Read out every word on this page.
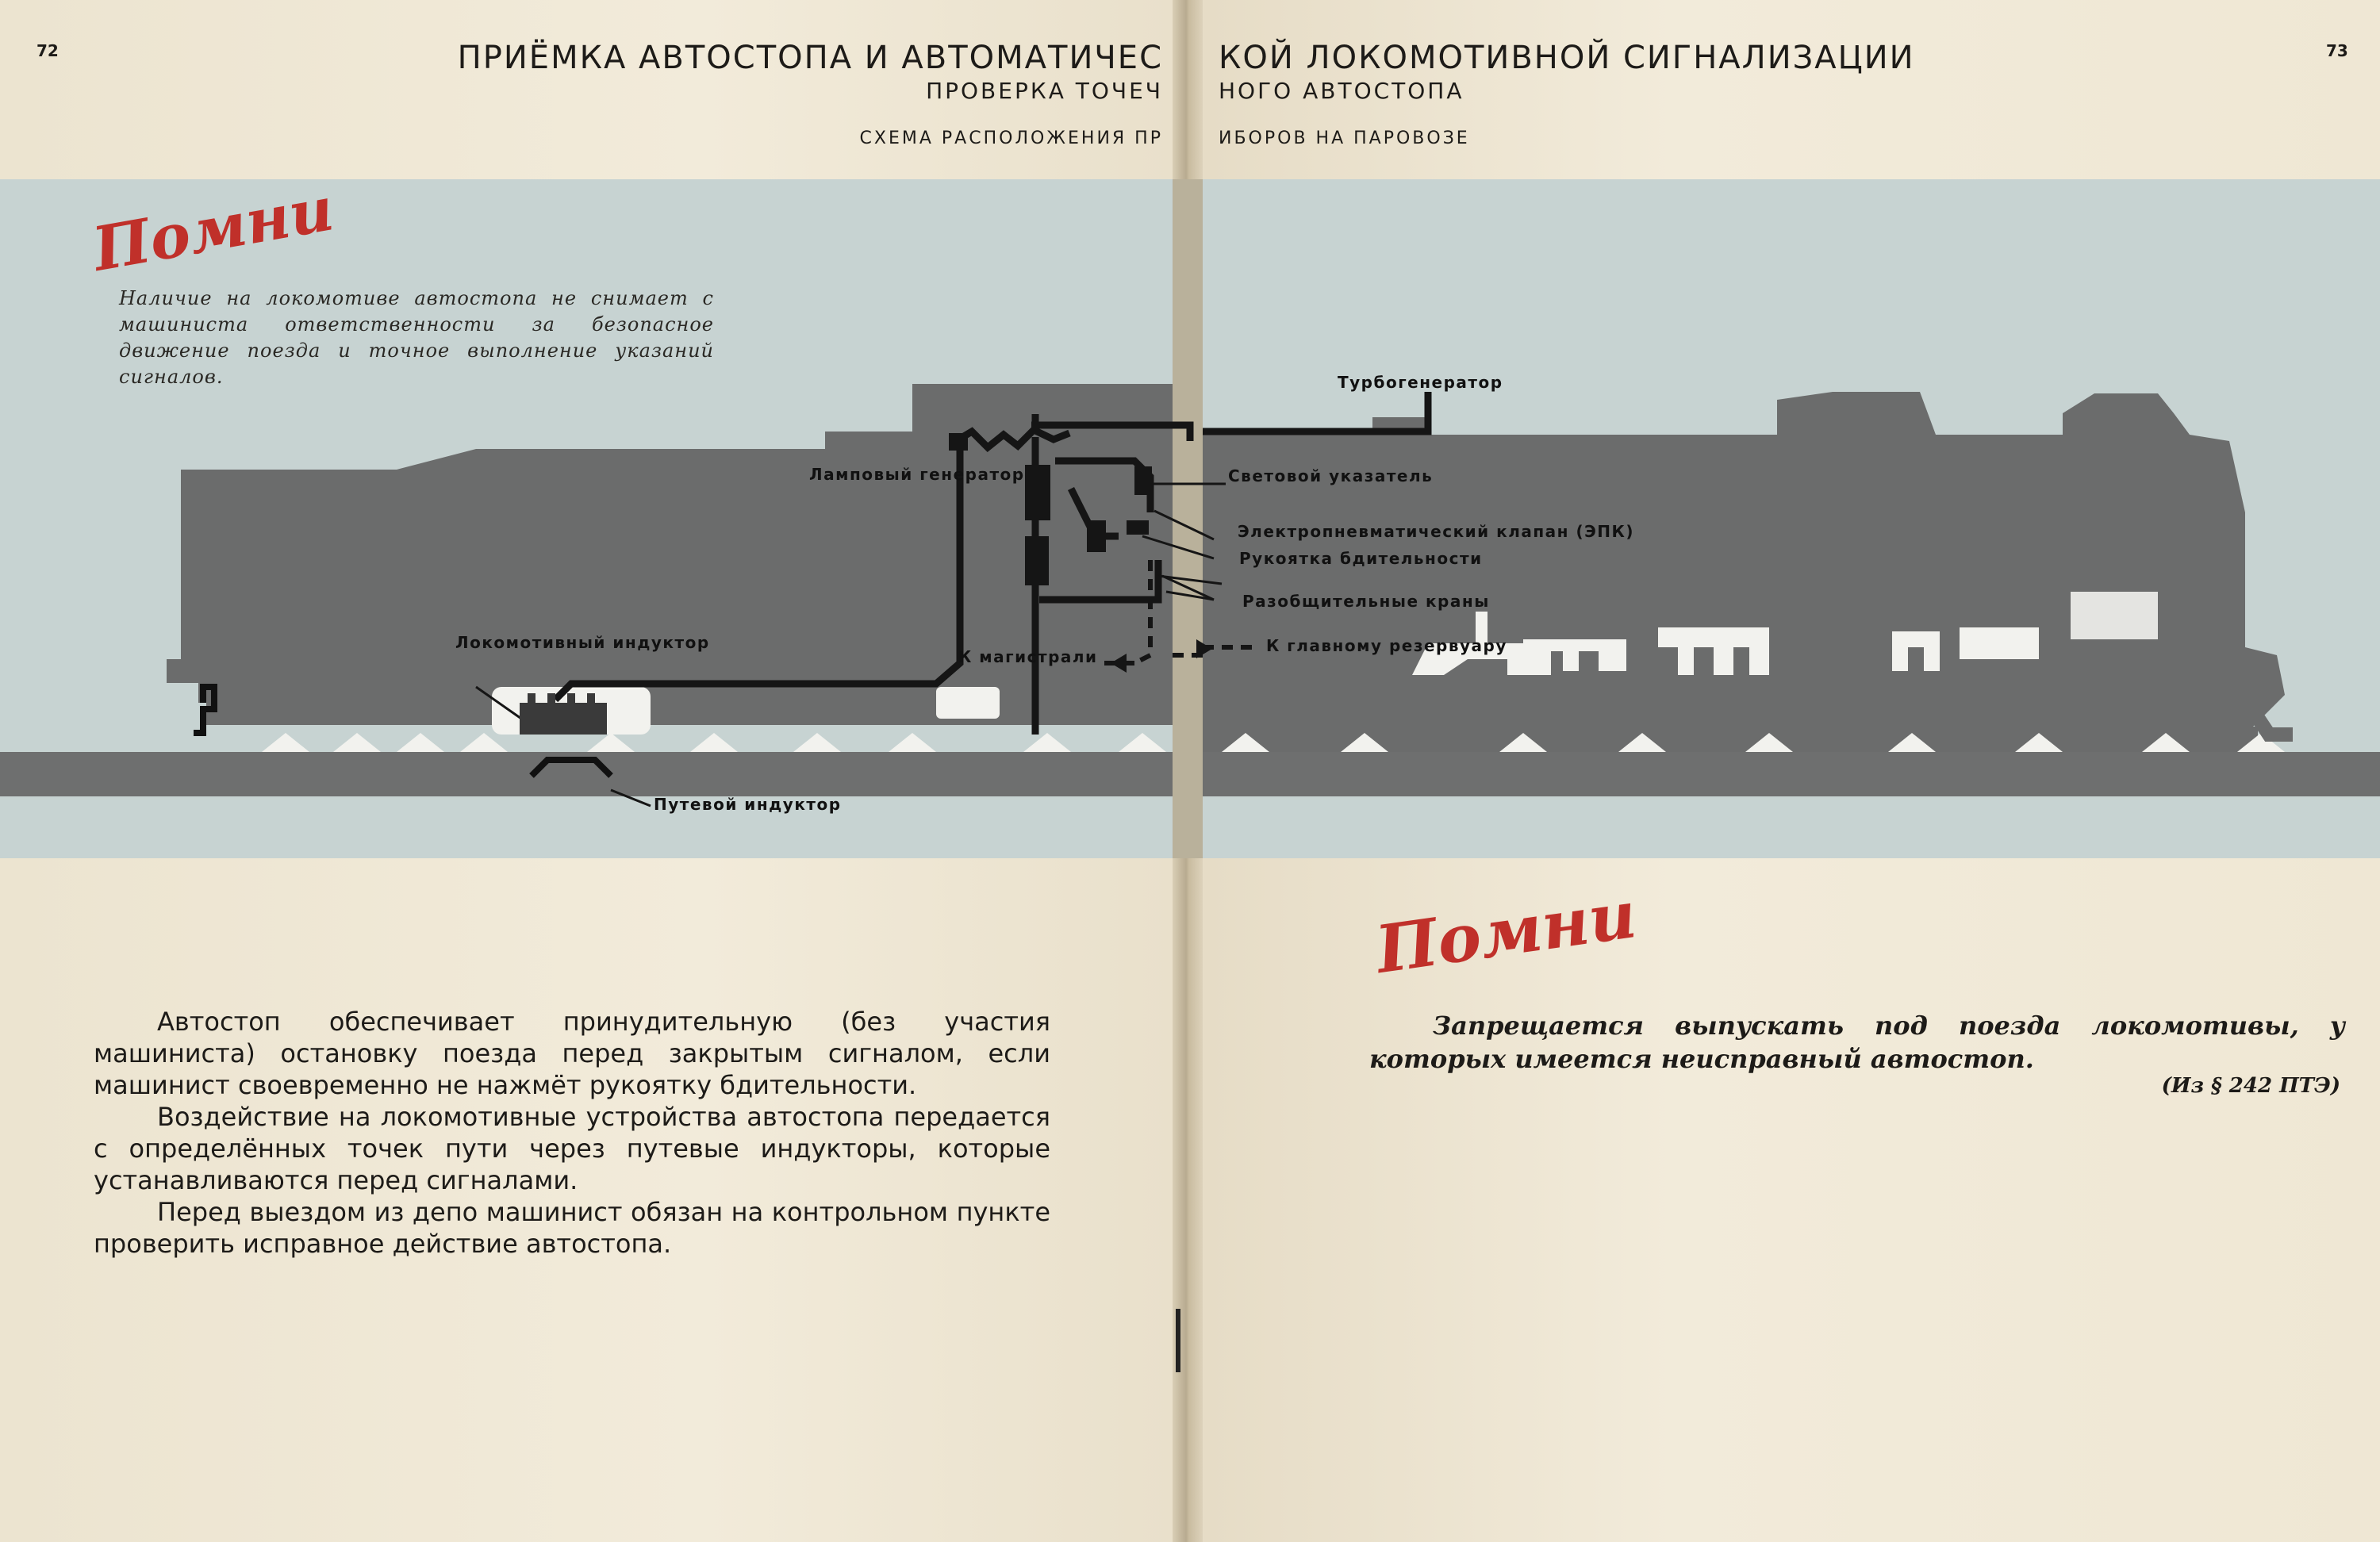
72	73
ПРИЁМКА АВТОСТОПА И АВТОМАТИЧЕС КОЙ ЛОКОМОТИВНОЙ СИГНАЛИЗАЦИИ
ПРОВЕРКА ТОЧЕЧ	НОГО АВТОСТОПА
СХЕМА РАСПОЛОЖЕНИЯ ПР	ИБОРОВ НА ПАРОВОЗЕ
Помни
Наличие на локомотиве автостопа не снимает с машиниста ответственности за безопасное движение поезда и точное выполнение указаний сигналов.	Турбогенератор
Ламповый генератор	Световой указатель
Электропневматический клапан (ЭПК)
Рукоятка бдительности
Разобщительные краны
Локомотивный индуктор
К магистрали
К главному резервуару
Путевой индуктор

Автостоп обеспечивает принудительную (без участия машиниста) остановку поезда перед закрытым сигналом, если машинист своевременно не нажмёт рукоятку бдительности.

Воздействие на локомотивные устройства автостопа передается с определённых точек пути через путевые индукторы, которые устанавливаются перед сигналами.

Перед выездом из депо машинист обязан на контрольном пункте проверить исправное действие автостопа.

Помни
Запрещается выпускать под поезда локомотивы, у которых имеется неисправный автостоп.
(Из § 242 ПТЭ)
